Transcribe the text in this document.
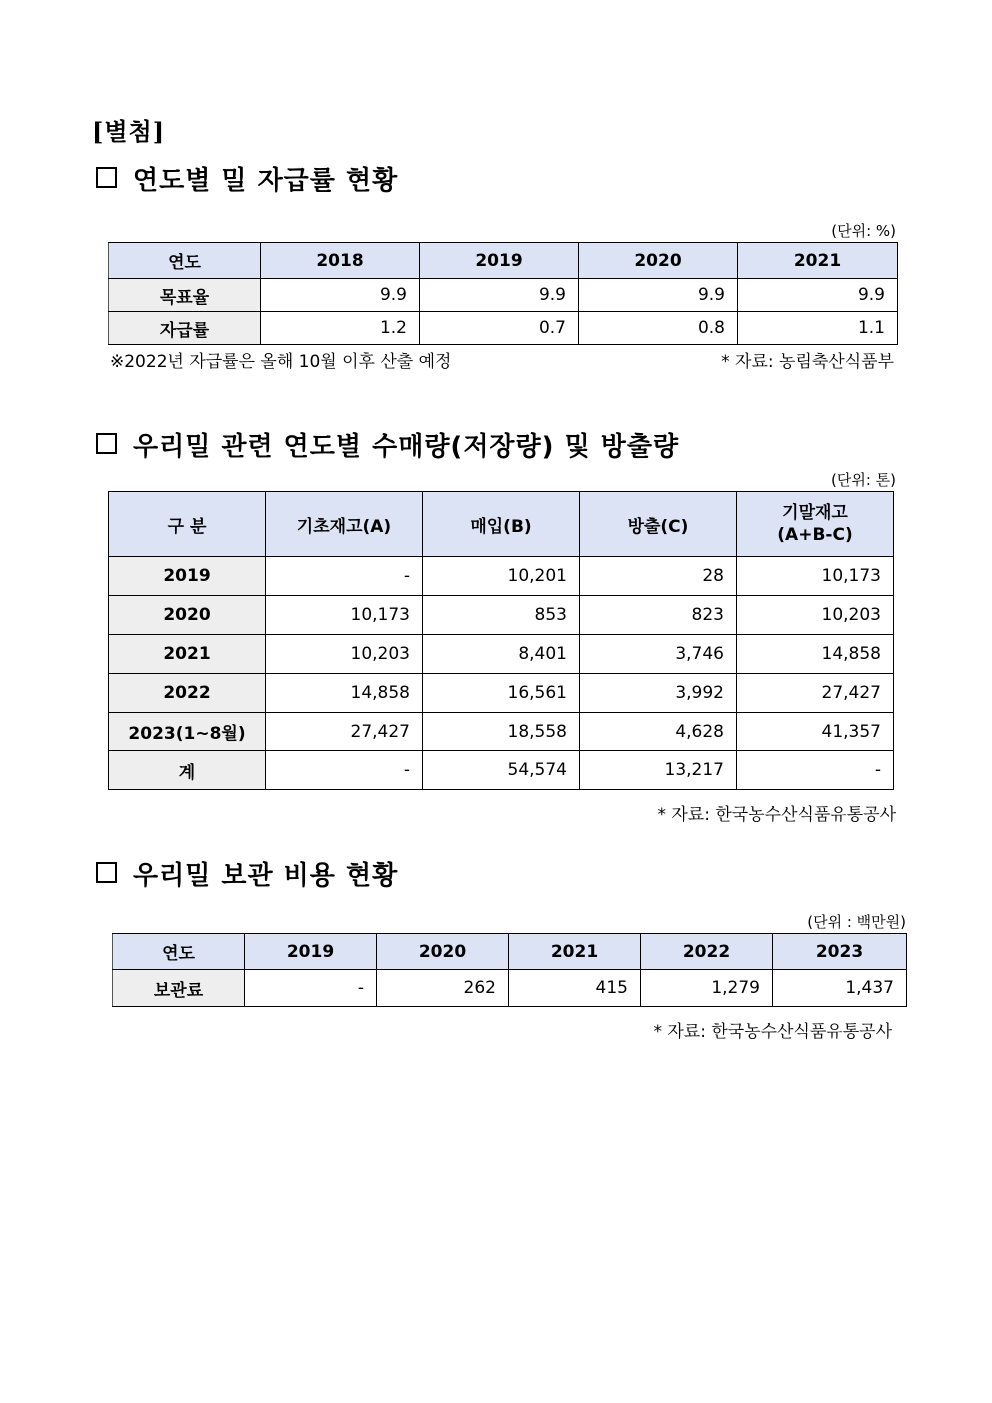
[별첨]
연도별 밀 자급률 현황
(단위: %)
연도	2018	2019	2020	2021
목표율	9.9	9.9	9.9	9.9
자급률	1.2	0.7	0.8	1.1
※2022년 자급률은 올해 10월 이후 산출 예정	* 자료: 농림축산식품부
우리밀 관련 연도별 수매량(저장량) 및 방출량
(단위: 톤)
구 분	기초재고(A)	매입(B)	방출(C)	기말재고
(A+B-C)

2019	-	10,201	28	10,173
2020	10,173	853	823	10,203
2021	10,203	8,401	3,746	14,858
2022	14,858	16,561	3,992	27,427
2023(1~8월)	27,427	18,558	4,628	41,357
계	-	54,574	13,217	-
* 자료: 한국농수산식품유통공사
우리밀 보관 비용 현황
(단위 : 백만원)
연도	2019	2020	2021	2022	2023
보관료	-	262	415	1,279	1,437
* 자료: 한국농수산식품유통공사
